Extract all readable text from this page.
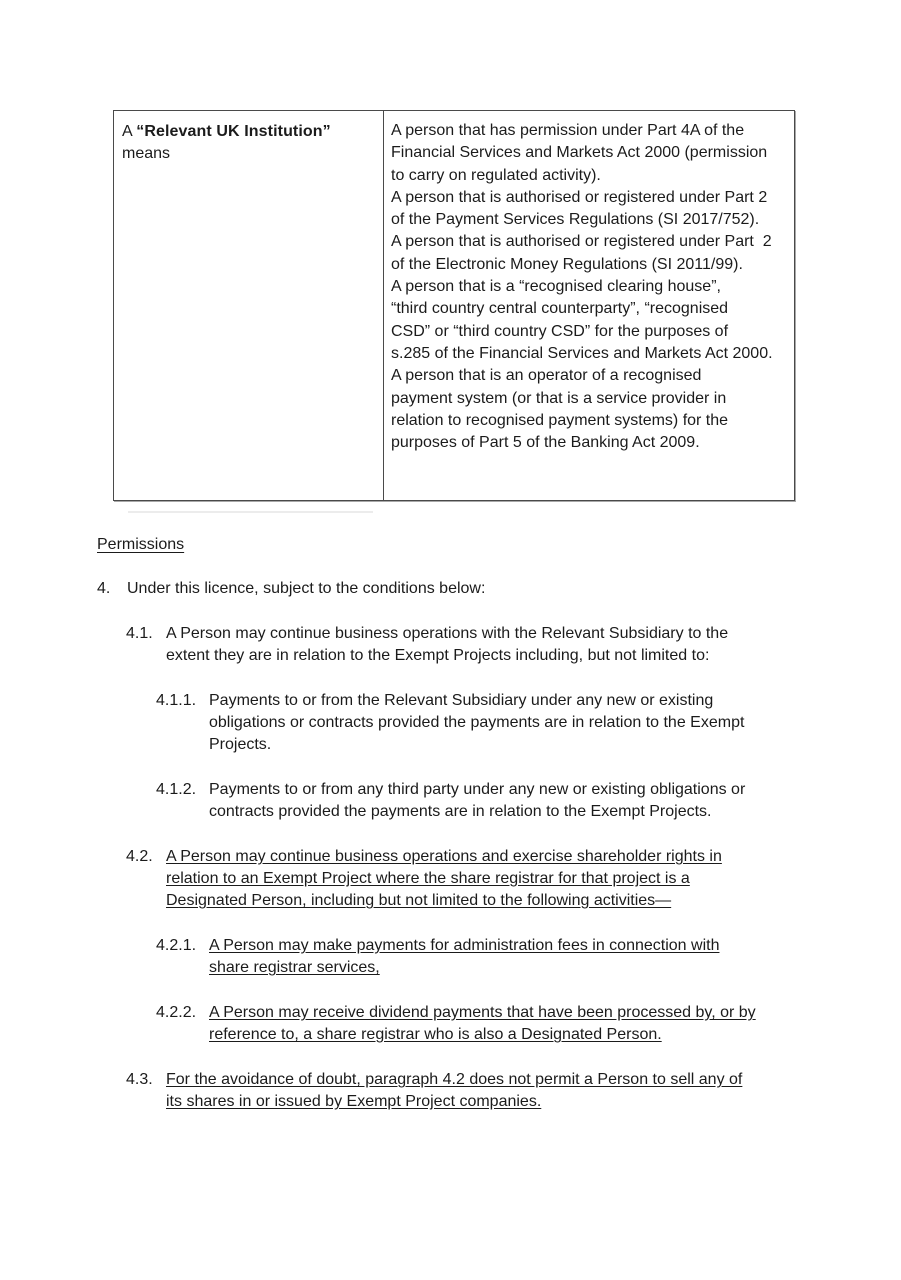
A “Relevant UK Institution” means
A person that has permission under Part 4A of the
Financial Services and Markets Act 2000 (permission
to carry on regulated activity).
A person that is authorised or registered under Part 2
of the Payment Services Regulations (SI 2017/752).
A person that is authorised or registered under Part  2
of the Electronic Money Regulations (SI 2011/99).
A person that is a “recognised clearing house”,
“third country central counterparty”, “recognised
CSD” or “third country CSD” for the purposes of
s.285 of the Financial Services and Markets Act 2000.
A person that is an operator of a recognised
payment system (or that is a service provider in
relation to recognised payment systems) for the
purposes of Part 5 of the Banking Act 2009.
Permissions
4.	Under this licence, subject to the conditions below:
4.1. A Person may continue business operations with the Relevant Subsidiary to the
extent they are in relation to the Exempt Projects including, but not limited to:
4.1.1. Payments to or from the Relevant Subsidiary under any new or existing
obligations or contracts provided the payments are in relation to the Exempt
Projects.
4.1.2. Payments to or from any third party under any new or existing obligations or
contracts provided the payments are in relation to the Exempt Projects.
4.2. A Person may continue business operations and exercise shareholder rights in
relation to an Exempt Project where the share registrar for that project is a
Designated Person, including but not limited to the following activities—
4.2.1. A Person may make payments for administration fees in connection with
share registrar services,
4.2.2. A Person may receive dividend payments that have been processed by, or by
reference to, a share registrar who is also a Designated Person.
4.3. For the avoidance of doubt, paragraph 4.2 does not permit a Person to sell any of
its shares in or issued by Exempt Project companies.
